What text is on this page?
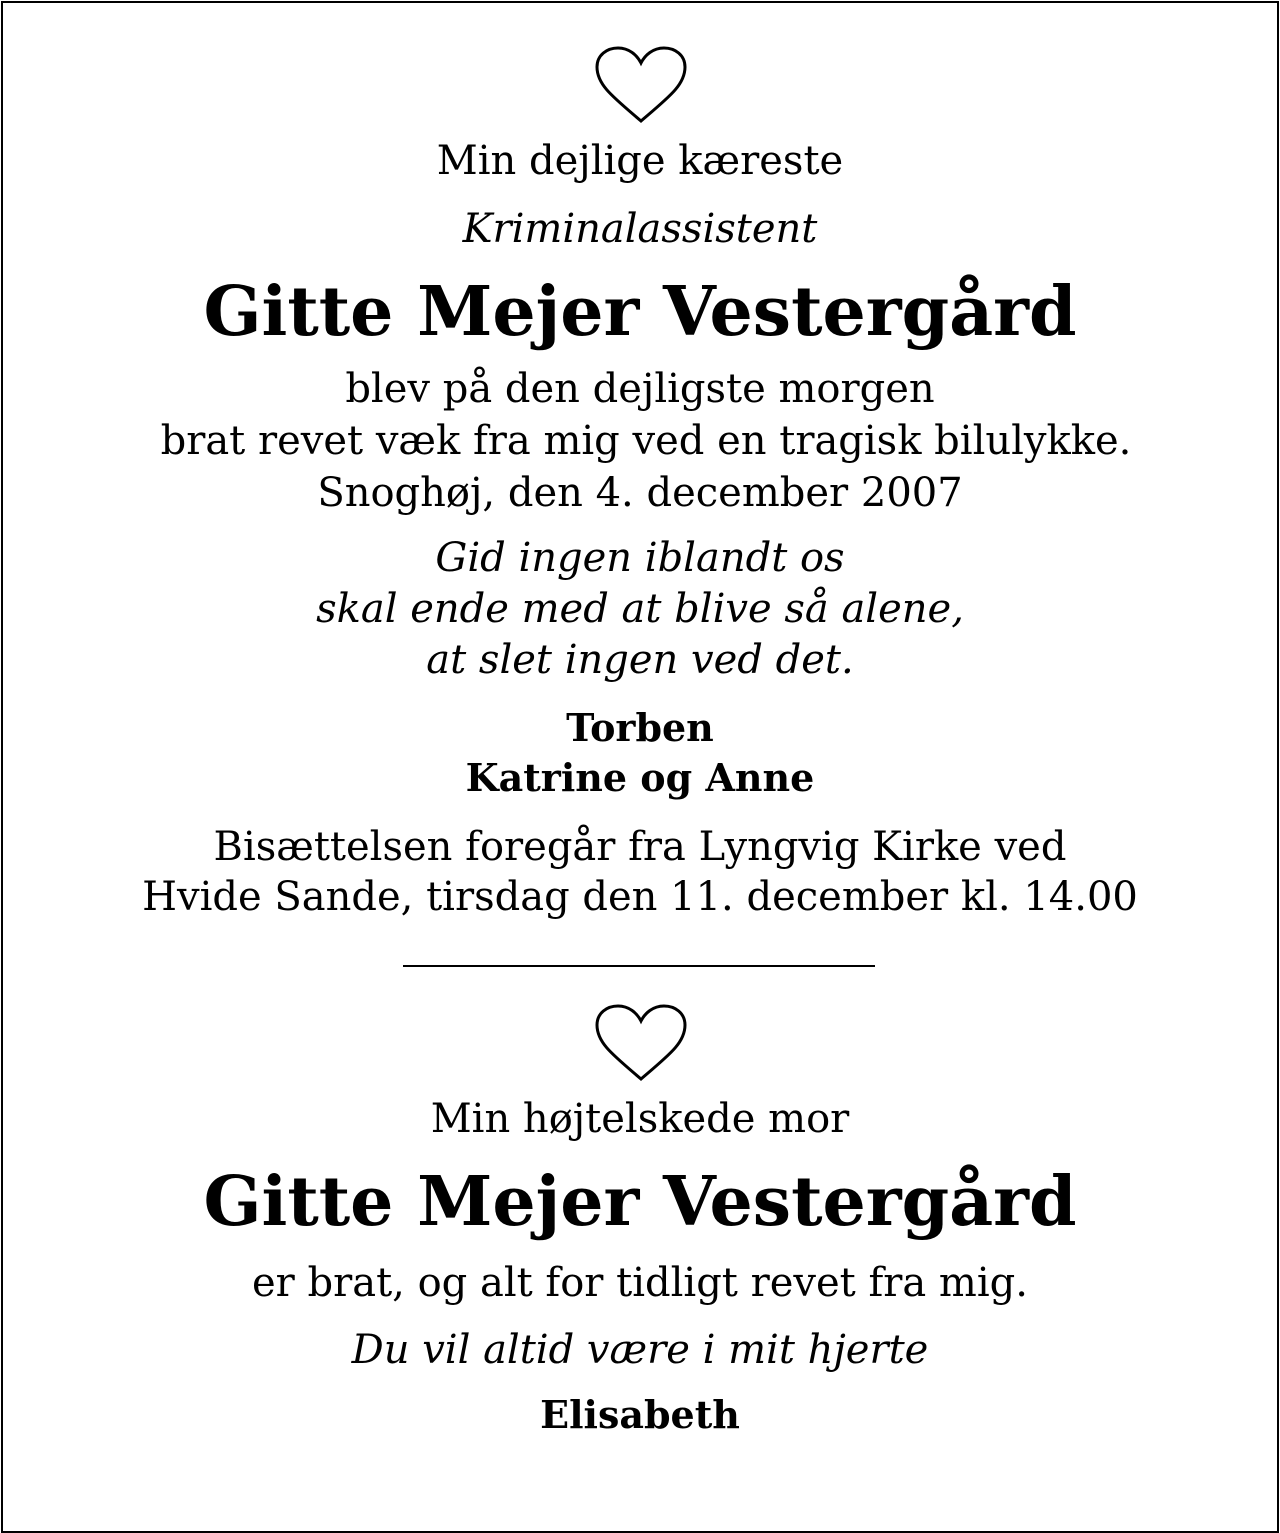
Min dejlige kæreste
Kriminalassistent
Gitte Mejer Vestergård
blev på den dejligste morgen
brat revet væk fra mig ved en tragisk bilulykke.
Snoghøj, den 4. december 2007
Gid ingen iblandt os
skal ende med at blive så alene,
at slet ingen ved det.
Torben
Katrine og Anne
Bisættelsen foregår fra Lyngvig Kirke ved
Hvide Sande, tirsdag den 11. december kl. 14.00
Min højtelskede mor
Gitte Mejer Vestergård
er brat, og alt for tidligt revet fra mig.
Du vil altid være i mit hjerte
Elisabeth
